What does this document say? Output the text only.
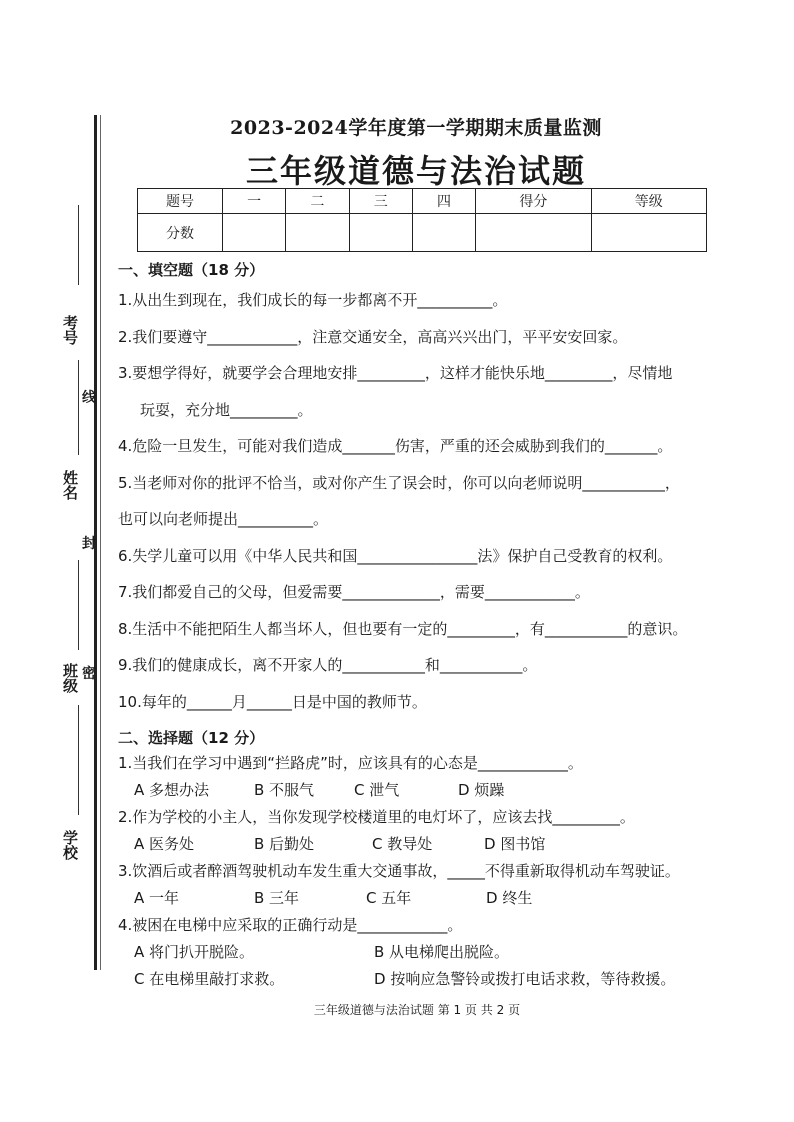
考号
线
姓名
封
班级 密
学校
2023-2024学年度第一学期期末质量监测
三年级道德与法治试题
题号	一	二	三	四	得分	等级
分数						
一、填空题（18 分）
1.从出生到现在，我们成长的每一步都离不开__________。
2.我们要遵守____________，注意交通安全，高高兴兴出门，平平安安回家。
3.要想学得好，就要学会合理地安排_________，这样才能快乐地_________，尽情地
玩耍，充分地_________。
4.危险一旦发生，可能对我们造成_______伤害，严重的还会威胁到我们的_______。
5.当老师对你的批评不恰当，或对你产生了误会时，你可以向老师说明___________，
也可以向老师提出__________。
6.失学儿童可以用《中华人民共和国________________法》保护自己受教育的权利。
7.我们都爱自己的父母，但爱需要_____________，需要____________。
8.生活中不能把陌生人都当坏人，但也要有一定的_________，有___________的意识。
9.我们的健康成长，离不开家人的___________和___________。
10.每年的______月______日是中国的教师节。
二、选择题（12 分）
1.当我们在学习中遇到“拦路虎”时，应该具有的心态是____________。
A 多想办法	B 不服气	C 泄气	D 烦躁
2.作为学校的小主人，当你发现学校楼道里的电灯坏了，应该去找_________。
A 医务处	B 后勤处	C 教导处	D 图书馆
3.饮酒后或者醉酒驾驶机动车发生重大交通事故，_____不得重新取得机动车驾驶证。
A 一年	B 三年	C 五年	D 终生
4.被困在电梯中应采取的正确行动是____________。
A 将门扒开脱险。	B 从电梯爬出脱险。
C 在电梯里敲打求救。	D 按响应急警铃或拨打电话求救，等待救援。
三年级道德与法治试题 第 1 页 共 2 页
